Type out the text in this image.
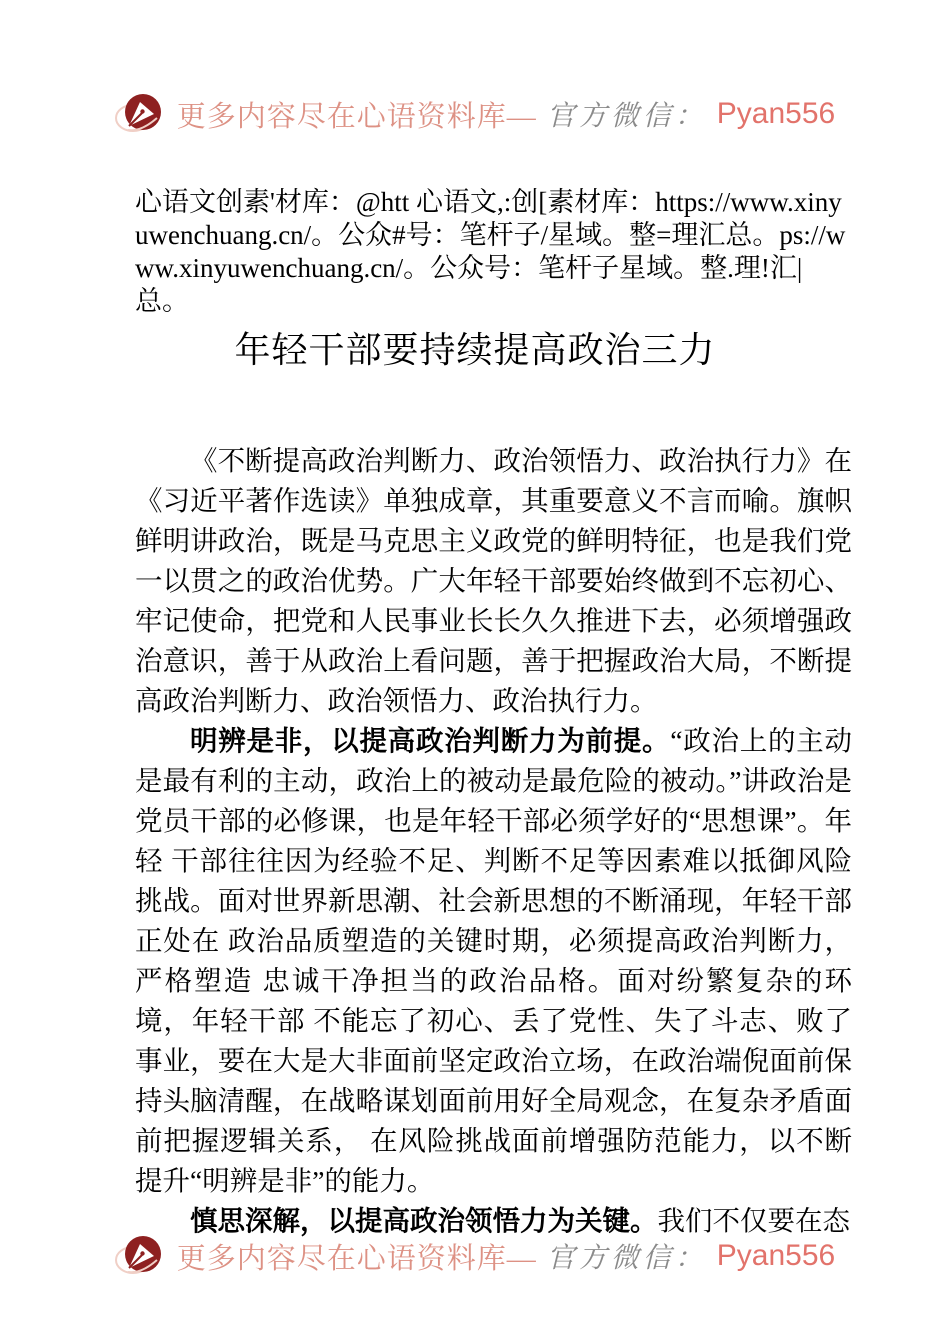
更多内容尽在心语资料库— 官方微信： Pyan556
心语文创素'材库：@htt 心语文,:创[素材库：https://www.xinyuwenchuang.cn/。公众#号：笔杆子/星域。整=理汇总。ps://www.xinyuwenchuang.cn/。公众号：笔杆子星域。整.理!汇|总。
年轻干部要持续提高政治三力

《不断提高政治判断力、政治领悟力、政治执行力》在《习近平著作选读》单独成章，其重要意义不言而喻。旗帜鲜明讲政治，既是马克思主义政党的鲜明特征，也是我们党一以贯之的政治优势。广大年轻干部要始终做到不忘初心、 牢记使命，把党和人民事业长长久久推进下去，必须增强政治意识，善于从政治上看问题，善于把握政治大局，不断提高政治判断力、政治领悟力、政治执行力。

明辨是非，以提高政治判断力为前提。“政治上的主动是最有利的主动，政治上的被动是最危险的被动。”讲政治是党员干部的必修课，也是年轻干部必须学好的“思想课”。年轻 干部往往因为经验不足、判断不足等因素难以抵御风险挑战。面对世界新思潮、社会新思想的不断涌现，年轻干部正处在 政治品质塑造的关键时期，必须提高政治判断力，严格塑造 忠诚干净担当的政治品格。面对纷繁复杂的环境，年轻干部 不能忘了初心、丢了党性、失了斗志、败了事业，要在大是大非面前坚定政治立场，在政治端倪面前保持头脑清醒，在战略谋划面前用好全局观念，在复杂矛盾面前把握逻辑关系， 在风险挑战面前增强防范能力，以不断提升“明辨是非”的能力。

慎思深解，以提高政治领悟力为关键。我们不仅要在态

更多内容尽在心语资料库— 官方微信： Pyan556
